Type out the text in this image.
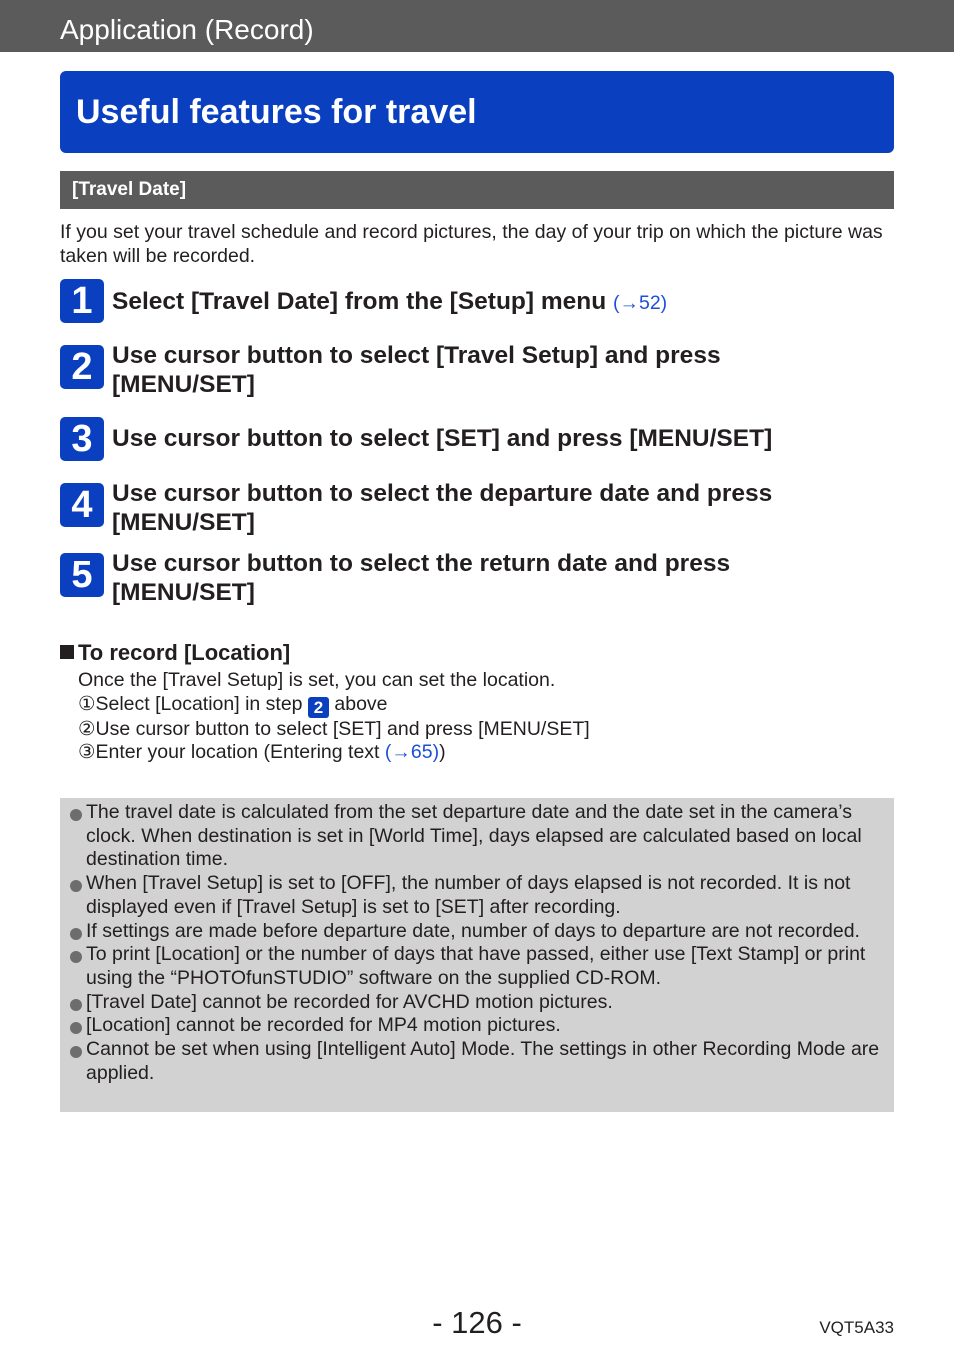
Application (Record)
Useful features for travel
[Travel Date]

If you set your travel schedule and record pictures, the day of your trip on which the picture was taken will be recorded.

1 Select [Travel Date] from the [Setup] menu (→52)
2 Use cursor button to select [Travel Setup] and press
[MENU/SET]
3 Use cursor button to select [SET] and press [MENU/SET]
4 Use cursor button to select the departure date and press
[MENU/SET]
5 Use cursor button to select the return date and press
[MENU/SET]
To record [Location]
Once the [Travel Setup] is set, you can set the location.
①Select [Location] in step 2 above
②Use cursor button to select [SET] and press [MENU/SET]
③Enter your location (Entering text (→65))
The travel date is calculated from the set departure date and the date set in the camera’s clock. When destination is set in [World Time], days elapsed are calculated based on local destination time.
When [Travel Setup] is set to [OFF], the number of days elapsed is not recorded. It is not displayed even if [Travel Setup] is set to [SET] after recording.
If settings are made before departure date, number of days to departure are not recorded.
To print [Location] or the number of days that have passed, either use [Text Stamp] or print using the “PHOTOfunSTUDIO” software on the supplied CD-ROM.
[Travel Date] cannot be recorded for AVCHD motion pictures.
[Location] cannot be recorded for MP4 motion pictures.
Cannot be set when using [Intelligent Auto] Mode. The settings in other Recording Mode are applied.
- 126 -	VQT5A33
